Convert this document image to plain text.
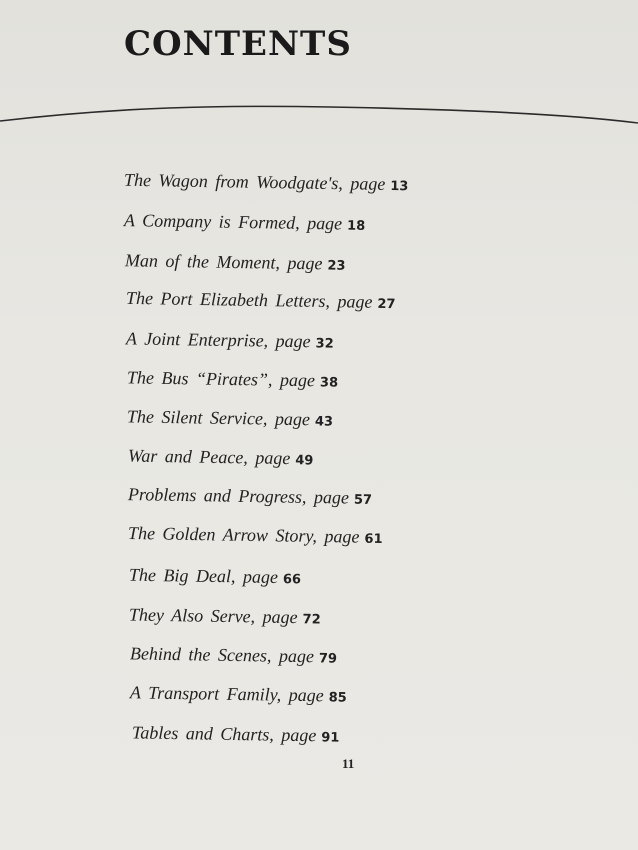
CONTENTS
The Wagon from Woodgate's, page 13
A Company is Formed, page 18
Man of the Moment, page 23
The Port Elizabeth Letters, page 27
A Joint Enterprise, page 32
The Bus “Pirates”, page 38
The Silent Service, page 43
War and Peace, page 49
Problems and Progress, page 57
The Golden Arrow Story, page 61
The Big Deal, page 66
They Also Serve, page 72
Behind the Scenes, page 79
A Transport Family, page 85
Tables and Charts, page 91
11
